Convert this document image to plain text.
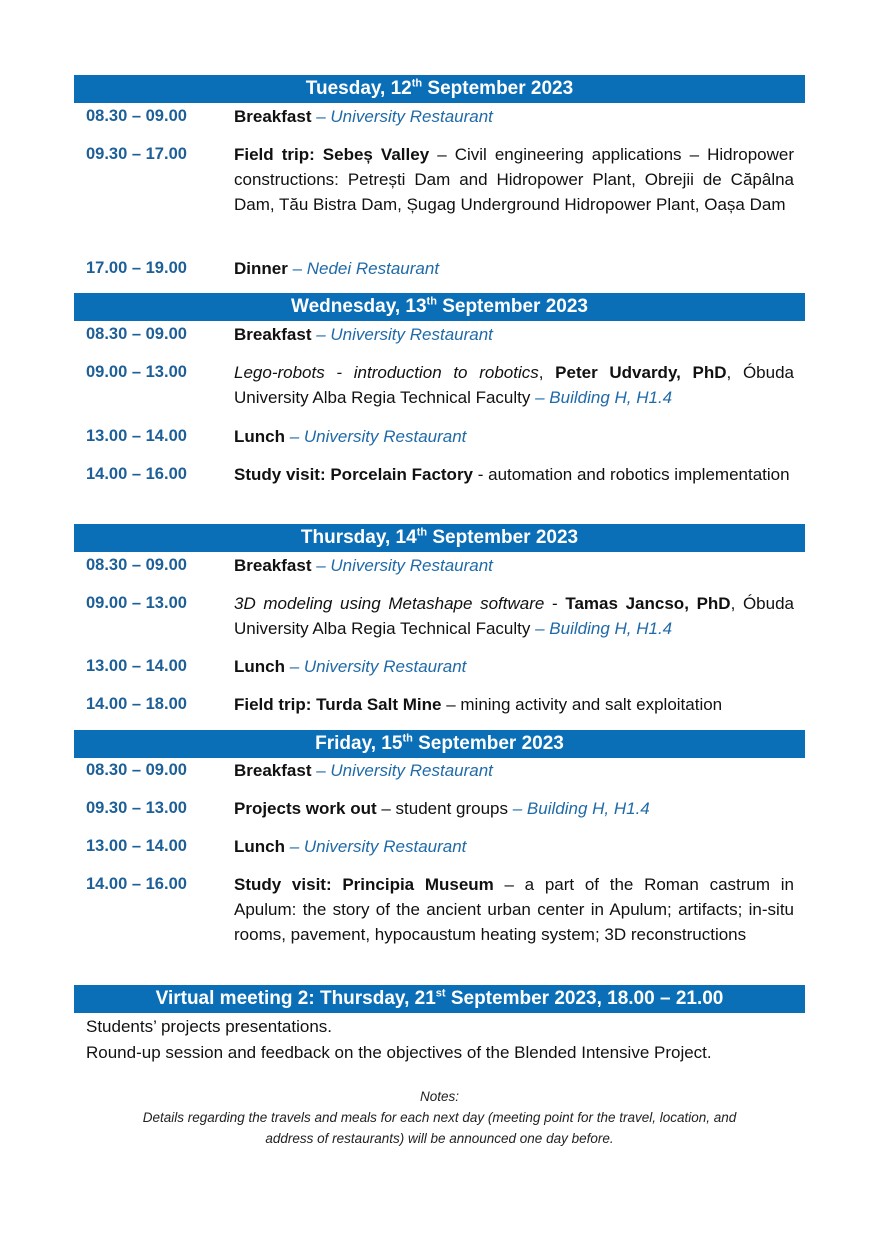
Tuesday, 12th September 2023
08.30 – 09.00	Breakfast – University Restaurant
09.30 – 17.00	Field trip: Sebeș Valley – Civil engineering applications – Hidropower constructions: Petrești Dam and Hidropower Plant, Obrejii de Căpâlna Dam, Tău Bistra Dam, Șugag Underground Hidropower Plant, Oașa Dam
17.00 – 19.00	Dinner – Nedei Restaurant
Wednesday, 13th September 2023
08.30 – 09.00	Breakfast – University Restaurant
09.00 – 13.00	Lego-robots - introduction to robotics, Peter Udvardy, PhD, Óbuda University Alba Regia Technical Faculty – Building H, H1.4
13.00 – 14.00	Lunch – University Restaurant
14.00 – 16.00	Study visit: Porcelain Factory - automation and robotics implementation
Thursday, 14th September 2023
08.30 – 09.00	Breakfast – University Restaurant
09.00 – 13.00	3D modeling using Metashape software - Tamas Jancso, PhD, Óbuda University Alba Regia Technical Faculty – Building H, H1.4
13.00 – 14.00	Lunch – University Restaurant
14.00 – 18.00	Field trip: Turda Salt Mine – mining activity and salt exploitation
Friday, 15th September 2023
08.30 – 09.00	Breakfast – University Restaurant
09.30 – 13.00	Projects work out – student groups – Building H, H1.4
13.00 – 14.00	Lunch – University Restaurant
14.00 – 16.00	Study visit: Principia Museum – a part of the Roman castrum in Apulum: the story of the ancient urban center in Apulum; artifacts; in-situ rooms, pavement, hypocaustum heating system; 3D reconstructions
Virtual meeting 2: Thursday, 21st September 2023, 18.00 – 21.00
Students’ projects presentations.
Round-up session and feedback on the objectives of the Blended Intensive Project.
Notes:
Details regarding the travels and meals for each next day (meeting point for the travel, location, and
address of restaurants) will be announced one day before.
